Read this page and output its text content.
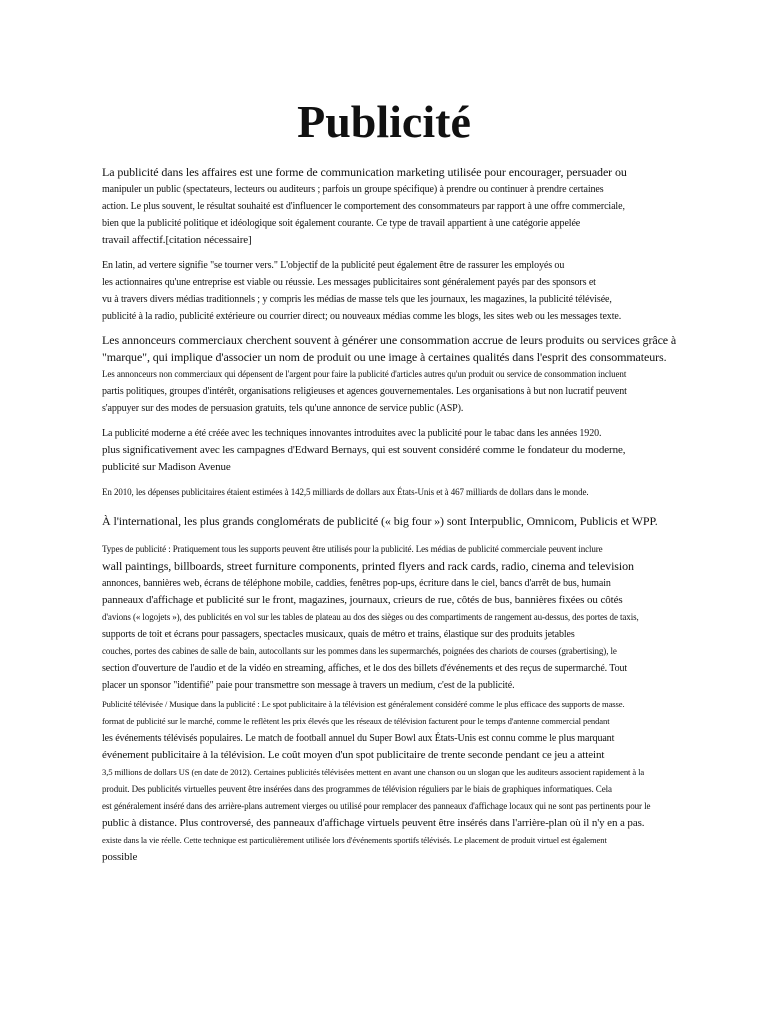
Publicité
La publicité dans les affaires est une forme de communication marketing utilisée pour encourager, persuader ou
manipuler un public (spectateurs, lecteurs ou auditeurs ; parfois un groupe spécifique) à prendre ou continuer à prendre certaines
action. Le plus souvent, le résultat souhaité est d'influencer le comportement des consommateurs par rapport à une offre commerciale,
bien que la publicité politique et idéologique soit également courante. Ce type de travail appartient à une catégorie appelée
travail affectif.[citation nécessaire]
En latin, ad vertere signifie "se tourner vers." L'objectif de la publicité peut également être de rassurer les employés ou
les actionnaires qu'une entreprise est viable ou réussie. Les messages publicitaires sont généralement payés par des sponsors et
vu à travers divers médias traditionnels ; y compris les médias de masse tels que les journaux, les magazines, la publicité télévisée,
publicité à la radio, publicité extérieure ou courrier direct; ou nouveaux médias comme les blogs, les sites web ou les messages texte.
Les annonceurs commerciaux cherchent souvent à générer une consommation accrue de leurs produits ou services grâce à
"marque", qui implique d'associer un nom de produit ou une image à certaines qualités dans l'esprit des consommateurs.
Les annonceurs non commerciaux qui dépensent de l'argent pour faire la publicité d'articles autres qu'un produit ou service de consommation incluent
partis politiques, groupes d'intérêt, organisations religieuses et agences gouvernementales. Les organisations à but non lucratif peuvent
s'appuyer sur des modes de persuasion gratuits, tels qu'une annonce de service public (ASP).
La publicité moderne a été créée avec les techniques innovantes introduites avec la publicité pour le tabac dans les années 1920.
plus significativement avec les campagnes d'Edward Bernays, qui est souvent considéré comme le fondateur du moderne,
publicité sur Madison Avenue
En 2010, les dépenses publicitaires étaient estimées à 142,5 milliards de dollars aux États-Unis et à 467 milliards de dollars dans le monde.
À l'international, les plus grands conglomérats de publicité (« big four ») sont Interpublic, Omnicom, Publicis et WPP.
Types de publicité : Pratiquement tous les supports peuvent être utilisés pour la publicité. Les médias de publicité commerciale peuvent inclure
wall paintings, billboards, street furniture components, printed flyers and rack cards, radio, cinema and television
annonces, bannières web, écrans de téléphone mobile, caddies, fenêtres pop-ups, écriture dans le ciel, bancs d'arrêt de bus, humain
panneaux d'affichage et publicité sur le front, magazines, journaux, crieurs de rue, côtés de bus, bannières fixées ou côtés
d'avions (« logojets »), des publicités en vol sur les tables de plateau au dos des sièges ou des compartiments de rangement au-dessus, des portes de taxis,
supports de toit et écrans pour passagers, spectacles musicaux, quais de métro et trains, élastique sur des produits jetables
couches, portes des cabines de salle de bain, autocollants sur les pommes dans les supermarchés, poignées des chariots de courses (grabertising), le
section d'ouverture de l'audio et de la vidéo en streaming, affiches, et le dos des billets d'événements et des reçus de supermarché. Tout
placer un sponsor "identifié" paie pour transmettre son message à travers un medium, c'est de la publicité.
Publicité télévisée / Musique dans la publicité : Le spot publicitaire à la télévision est généralement considéré comme le plus efficace des supports de masse.
format de publicité sur le marché, comme le reflètent les prix élevés que les réseaux de télévision facturent pour le temps d'antenne commercial pendant
les événements télévisés populaires. Le match de football annuel du Super Bowl aux États-Unis est connu comme le plus marquant
événement publicitaire à la télévision. Le coût moyen d'un spot publicitaire de trente seconde pendant ce jeu a atteint
3,5 millions de dollars US (en date de 2012). Certaines publicités télévisées mettent en avant une chanson ou un slogan que les auditeurs associent rapidement à la
produit. Des publicités virtuelles peuvent être insérées dans des programmes de télévision réguliers par le biais de graphiques informatiques. Cela
est généralement inséré dans des arrière-plans autrement vierges ou utilisé pour remplacer des panneaux d'affichage locaux qui ne sont pas pertinents pour le
public à distance. Plus controversé, des panneaux d'affichage virtuels peuvent être insérés dans l'arrière-plan où il n'y en a pas.
existe dans la vie réelle. Cette technique est particulièrement utilisée lors d'événements sportifs télévisés. Le placement de produit virtuel est également
possible
